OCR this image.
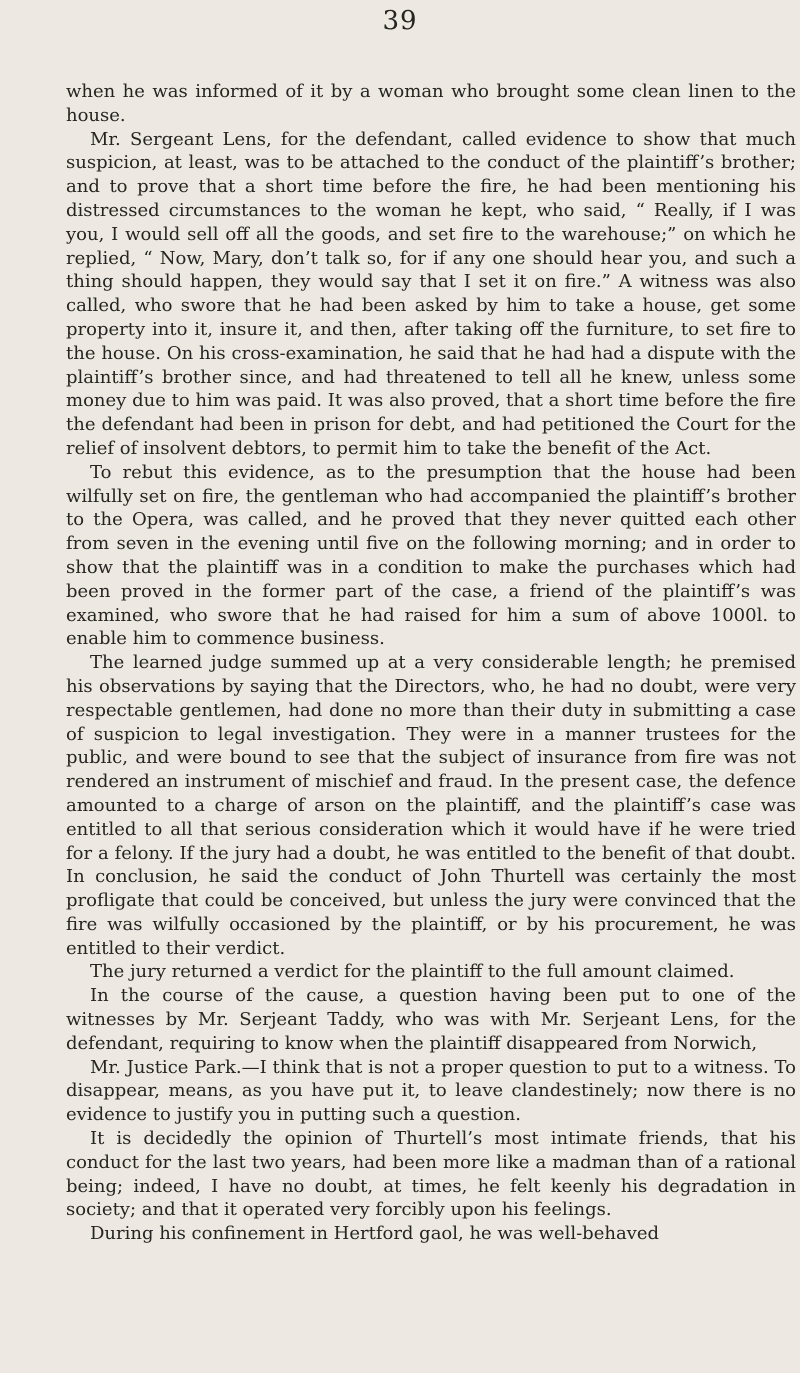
39

when he was informed of it by a woman who brought some clean linen to the house.

Mr. Sergeant Lens, for the defendant, called evidence to show that much suspicion, at least, was to be attached to the conduct of the plaintiff’s brother; and to prove that a short time before the fire, he had been mentioning his distressed circumstances to the woman he kept, who said, “ Really, if I was you, I would sell off all the goods, and set fire to the warehouse;” on which he replied, “ Now, Mary, don’t talk so, for if any one should hear you, and such a thing should happen, they would say that I set it on fire.” A witness was also called, who swore that he had been asked by him to take a house, get some property into it, insure it, and then, after taking off the furniture, to set fire to the house. On his cross-examination, he said that he had had a dispute with the plaintiff’s brother since, and had threatened to tell all he knew, unless some money due to him was paid. It was also proved, that a short time before the fire the defendant had been in prison for debt, and had petitioned the Court for the relief of insolvent debtors, to permit him to take the benefit of the Act.

To rebut this evidence, as to the presumption that the house had been wilfully set on fire, the gentleman who had accompanied the plaintiff’s brother to the Opera, was called, and he proved that they never quitted each other from seven in the evening until five on the following morning; and in order to show that the plaintiff was in a condition to make the purchases which had been proved in the former part of the case, a friend of the plaintiff’s was examined, who swore that he had raised for him a sum of above 1000l. to enable him to commence business.

The learned judge summed up at a very considerable length; he premised his observations by saying that the Directors, who, he had no doubt, were very respectable gentlemen, had done no more than their duty in submitting a case of suspicion to legal investigation. They were in a manner trustees for the public, and were bound to see that the subject of insurance from fire was not rendered an instrument of mischief and fraud. In the present case, the defence amounted to a charge of arson on the plaintiff, and the plaintiff’s case was entitled to all that serious consideration which it would have if he were tried for a felony. If the jury had a doubt, he was entitled to the benefit of that doubt. In conclusion, he said the conduct of John Thurtell was certainly the most profligate that could be conceived, but unless the jury were convinced that the fire was wilfully occasioned by the plaintiff, or by his procurement, he was entitled to their verdict.

The jury returned a verdict for the plaintiff to the full amount claimed.

In the course of the cause, a question having been put to one of the witnesses by Mr. Serjeant Taddy, who was with Mr. Serjeant Lens, for the defendant, requiring to know when the plaintiff disappeared from Norwich,

Mr. Justice Park.—I think that is not a proper question to put to a witness. To disappear, means, as you have put it, to leave clandestinely; now there is no evidence to justify you in putting such a question.

It is decidedly the opinion of Thurtell’s most intimate friends, that his conduct for the last two years, had been more like a madman than of a rational being; indeed, I have no doubt, at times, he felt keenly his degradation in society; and that it operated very forcibly upon his feelings.

During his confinement in Hertford gaol, he was well-behaved
